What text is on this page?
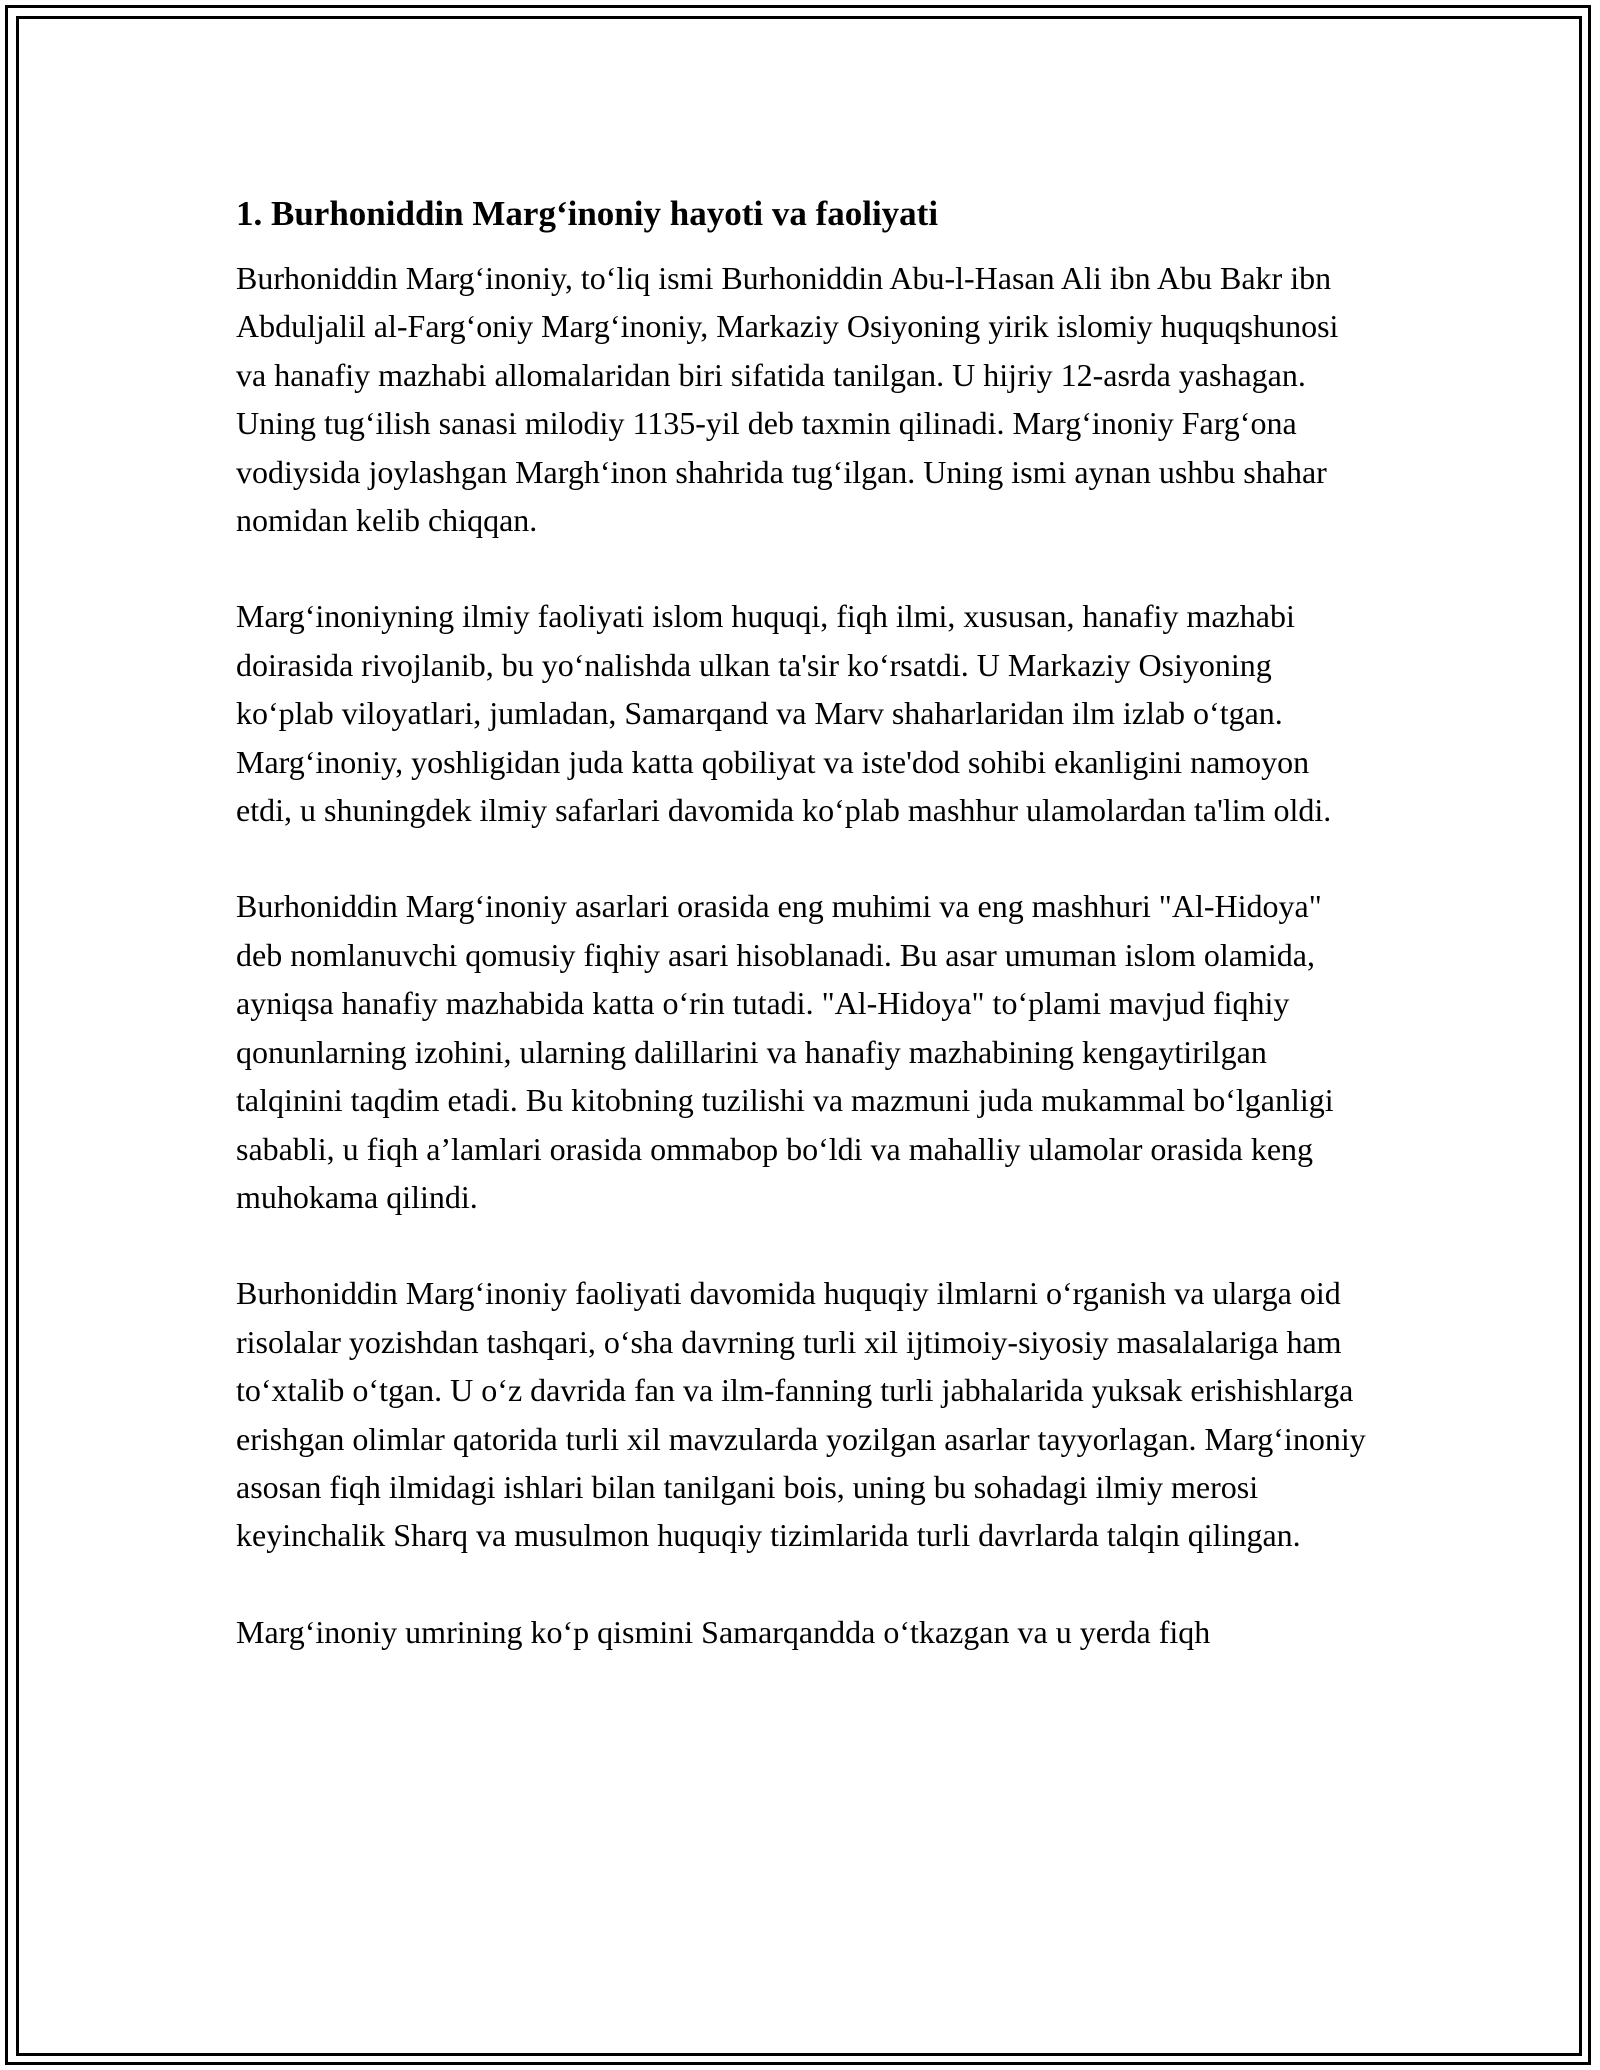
1. Burhoniddin Marg‘inoniy hayoti va faoliyati

Burhoniddin Marg‘inoniy, to‘liq ismi Burhoniddin Abu-l-Hasan Ali ibn Abu Bakr ibn Abduljalil al-Farg‘oniy Marg‘inoniy, Markaziy Osiyoning yirik islomiy huquqshunosi va hanafiy mazhabi allomalaridan biri sifatida tanilgan. U hijriy 12-asrda yashagan. Uning tug‘ilish sanasi milodiy 1135-yil deb taxmin qilinadi. Marg‘inoniy Farg‘ona vodiysida joylashgan Margh‘inon shahrida tug‘ilgan. Uning ismi aynan ushbu shahar nomidan kelib chiqqan.

Marg‘inoniyning ilmiy faoliyati islom huquqi, fiqh ilmi, xususan, hanafiy mazhabi doirasida rivojlanib, bu yo‘nalishda ulkan ta'sir ko‘rsatdi. U Markaziy Osiyoning ko‘plab viloyatlari, jumladan, Samarqand va Marv shaharlaridan ilm izlab o‘tgan. Marg‘inoniy, yoshligidan juda katta qobiliyat va iste'dod sohibi ekanligini namoyon etdi, u shuningdek ilmiy safarlari davomida ko‘plab mashhur ulamolardan ta'lim oldi.

Burhoniddin Marg‘inoniy asarlari orasida eng muhimi va eng mashhuri "Al-Hidoya" deb nomlanuvchi qomusiy fiqhiy asari hisoblanadi. Bu asar umuman islom olamida, ayniqsa hanafiy mazhabida katta o‘rin tutadi. "Al-Hidoya" to‘plami mavjud fiqhiy qonunlarning izohini, ularning dalillarini va hanafiy mazhabining kengaytirilgan talqinini taqdim etadi. Bu kitobning tuzilishi va mazmuni juda mukammal bo‘lganligi sababli, u fiqh a’lamlari orasida ommabop bo‘ldi va mahalliy ulamolar orasida keng muhokama qilindi.

Burhoniddin Marg‘inoniy faoliyati davomida huquqiy ilmlarni o‘rganish va ularga oid risolalar yozishdan tashqari, o‘sha davrning turli xil ijtimoiy-siyosiy masalalariga ham to‘xtalib o‘tgan. U o‘z davrida fan va ilm-fanning turli jabhalarida yuksak erishishlarga erishgan olimlar qatorida turli xil mavzularda yozilgan asarlar tayyorlagan. Marg‘inoniy asosan fiqh ilmidagi ishlari bilan tanilgani bois, uning bu sohadagi ilmiy merosi keyinchalik Sharq va musulmon huquqiy tizimlarida turli davrlarda talqin qilingan.

Marg‘inoniy umrining ko‘p qismini Samarqandda o‘tkazgan va u yerda fiqh
